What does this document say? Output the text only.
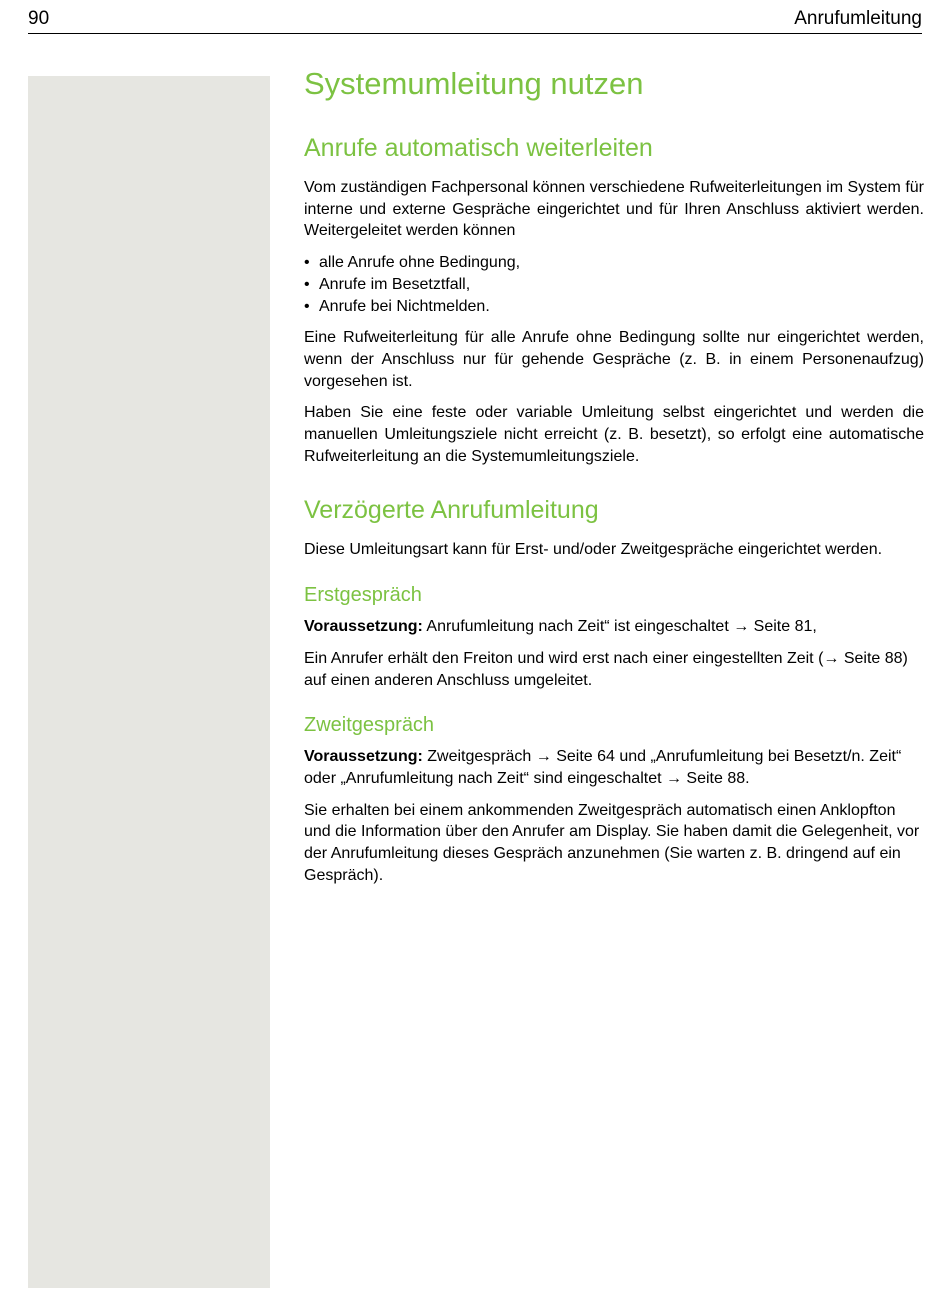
90	Anrufumleitung
Systemumleitung nutzen
Anrufe automatisch weiterleiten

Vom zuständigen Fachpersonal können verschiedene Rufweiterleitungen im System für interne und externe Gespräche eingerichtet und für Ihren Anschluss aktiviert werden. Weitergeleitet werden können

• alle Anrufe ohne Bedingung,
• Anrufe im Besetztfall,
• Anrufe bei Nichtmelden.

Eine Rufweiterleitung für alle Anrufe ohne Bedingung sollte nur eingerichtet werden, wenn der Anschluss nur für gehende Gespräche (z. B. in einem Personenaufzug) vorgesehen ist.

Haben Sie eine feste oder variable Umleitung selbst eingerichtet und werden die manuellen Umleitungsziele nicht erreicht (z. B. besetzt), so erfolgt eine automatische Rufweiterleitung an die Systemumleitungsziele.

Verzögerte Anrufumleitung

Diese Umleitungsart kann für Erst- und/oder Zweitgespräche eingerichtet werden.

Erstgespräch

Voraussetzung: Anrufumleitung nach Zeit“ ist eingeschaltet → Seite 81,

Ein Anrufer erhält den Freiton und wird erst nach einer eingestellten Zeit (→ Seite 88) auf einen anderen Anschluss umgeleitet.

Zweitgespräch

Voraussetzung: Zweitgespräch → Seite 64 und „Anrufumleitung bei Besetzt/n. Zeit“ oder „Anrufumleitung nach Zeit“ sind eingeschaltet → Seite 88.

Sie erhalten bei einem ankommenden Zweitgespräch automatisch einen Anklopfton und die Information über den Anrufer am Display. Sie haben damit die Gelegenheit, vor der Anrufumleitung dieses Gespräch anzunehmen (Sie warten z. B. dringend auf ein Gespräch).
